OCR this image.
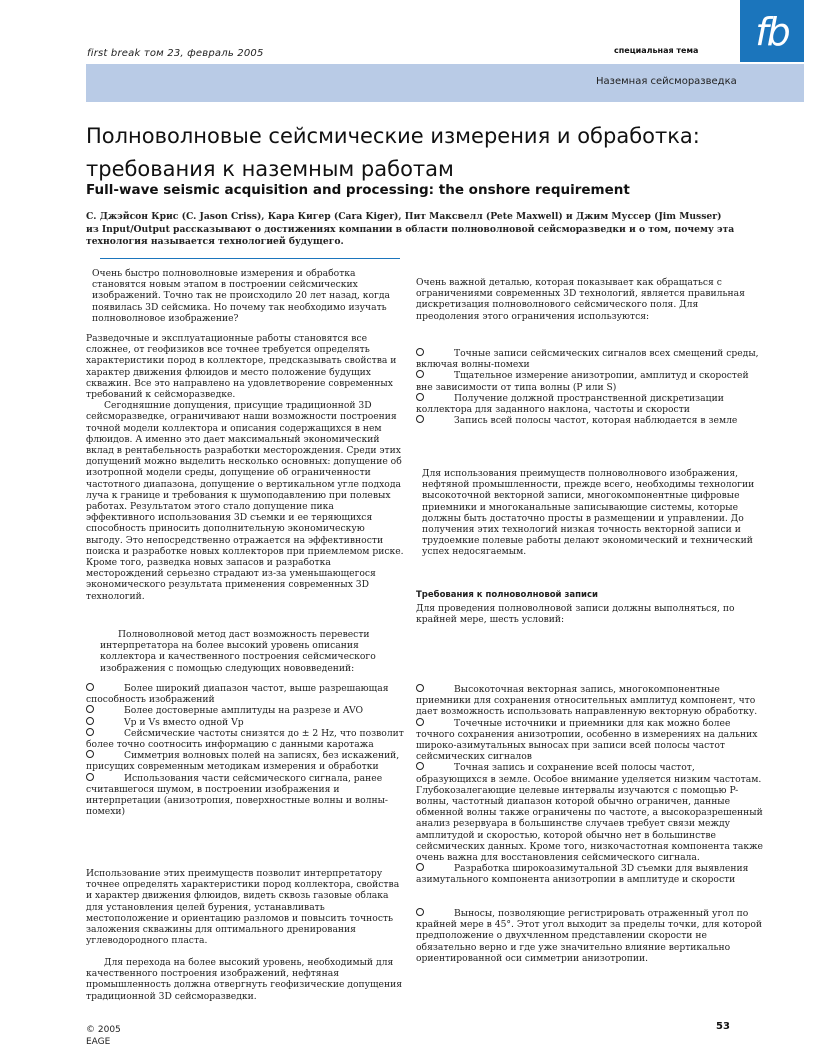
first break том 23, февраль 2005	специальная тема	fb
Наземная сейсморазведка
Полноволновые сейсмические измерения и обработка:
требования к наземным работам
Full-wave seismic acquisition and processing: the onshore requirement
С. Джэйсон Крис (C. Jason Criss), Кара Кигер (Cara Kiger), Пит Максвелл (Pete Maxwell) и Джим Муссер (Jim Musser) из Input/Output рассказывают о достижениях компании в области полноволновой сейсморазведки и о том, почему эта технология называется технологией будущего.

Очень быстро полноволновые измерения и обработка становятся новым этапом в построении сейсмических изображений. Точно так не происходило 20 лет назад, когда появилась 3D сейсмика. Но почему так необходимо изучать полноволновое изображение?

Разведочные и эксплуатационные работы становятся все сложнее, от геофизиков все точнее требуется определять характеристики пород в коллекторе, предсказывать свойства и характер движения флюидов и место положение будущих скважин. Все это направлено на удовлетворение современных требований к сейсморазведке.

Сегодняшние допущения, присущие традиционной 3D сейсморазведке, ограничивают наши возможности построения точной модели коллектора и описания содержащихся в нем флюидов. А именно это дает максимальный экономический вклад в рентабельность разработки месторождения. Среди этих допущений можно выделить несколько основных: допущение об изотропной модели среды, допущение об ограниченности частотного диапазона, допущение о вертикальном угле подхода луча к границе и требования к шумоподавлению при полевых работах. Результатом этого стало допущение пика эффективного использования 3D съемки и ее теряющихся способность приносить дополнительную экономическую выгоду. Это непосредственно отражается на эффективности поиска и разработке новых коллекторов при приемлемом риске. Кроме того, разведка новых запасов и разработка месторождений серьезно страдают из-за уменьшающегося экономического результата применения современных 3D технологий.

Полноволновой метод даст возможность перевести интерпретатора на более высокий уровень описания коллектора и качественного построения сейсмического изображения с помощью следующих нововведений:

Более широкий диапазон частот, выше разрешающая способность изображений

Более достоверные амплитуды на разрезе и AVO

Vp и Vs вместо одной Vp

Сейсмические частоты снизятся до ± 2 Hz, что позволит более точно соотносить информацию с данными каротажа

Симметрия волновых полей на записях, без искажений, присущих современным методикам измерения и обработки

Использования части сейсмического сигнала, ранее считавшегося шумом, в построении изображения и интерпретации (анизотропия, поверхностные волны и волны-помехи)

Использование этих преимуществ позволит интерпретатору точнее определять характеристики пород коллектора, свойства и характер движения флюидов, видеть сквозь газовые облака для установления целей бурения, устанавливать местоположение и ориентацию разломов и повысить точность заложения скважины для оптимального дренирования углеводородного пласта.

Для перехода на более высокий уровень, необходимый для качественного построения изображений, нефтяная промышленность должна отвергнуть геофизические допущения традиционной 3D сейсморазведки.

Очень важной деталью, которая показывает как обращаться с ограничениями современных 3D технологий, является правильная дискретизация полноволнового сейсмического поля. Для преодоления этого ограничения используются:

Точные записи сейсмических сигналов всех смещений среды, включая волны-помехи

Тщательное измерение анизотропии, амплитуд и скоростей вне зависимости от типа волны (P или S)

Получение должной пространственной дискретизации коллектора для заданного наклона, частоты и скорости

Запись всей полосы частот, которая наблюдается в земле

Для использования преимуществ полноволнового изображения, нефтяной промышленности, прежде всего, необходимы технологии высокоточной векторной записи, многокомпонентные цифровые приемники и многоканальные записывающие системы, которые должны быть достаточно просты в размещении и управлении. До получения этих технологий низкая точность векторной записи и трудоемкие полевые работы делают экономический и технический успех недосягаемым.

Требования к полноволновой записи

Для проведения полноволновой записи должны выполняться, по крайней мере, шесть условий:

Высокоточная векторная запись, многокомпонентные приемники для сохранения относительных амплитуд компонент, что дает возможность использовать направленную векторную обработку.

Точечные источники и приемники для как можно более точного сохранения анизотропии, особенно в измерениях на дальних широко-азимутальных выносах при записи всей полосы частот сейсмических сигналов

Точная запись и сохранение всей полосы частот, образующихся в земле. Особое внимание уделяется низким частотам. Глубокозалегающие целевые интервалы изучаются с помощью P-волны, частотный диапазон которой обычно ограничен, данные обменной волны также ограничены по частоте, а высокоразрешенный анализ резервуара в большинстве случаев требует связи между амплитудой и скоростью, которой обычно нет в большинстве сейсмических данных. Кроме того, низкочастотная компонента также очень важна для восстановления сейсмического сигнала.

Разработка широкоазимутальной 3D съемки для выявления азимутального компонента анизотропии в амплитуде и скорости

Выносы, позволяющие регистрировать отраженный угол по крайней мере в 45°. Этот угол выходит за пределы точки, для которой предположение о двухчленном представлении скорости не обязательно верно и где уже значительно влияние вертикально ориентированной оси симметрии анизотропии.

© 2005
EAGE
53
